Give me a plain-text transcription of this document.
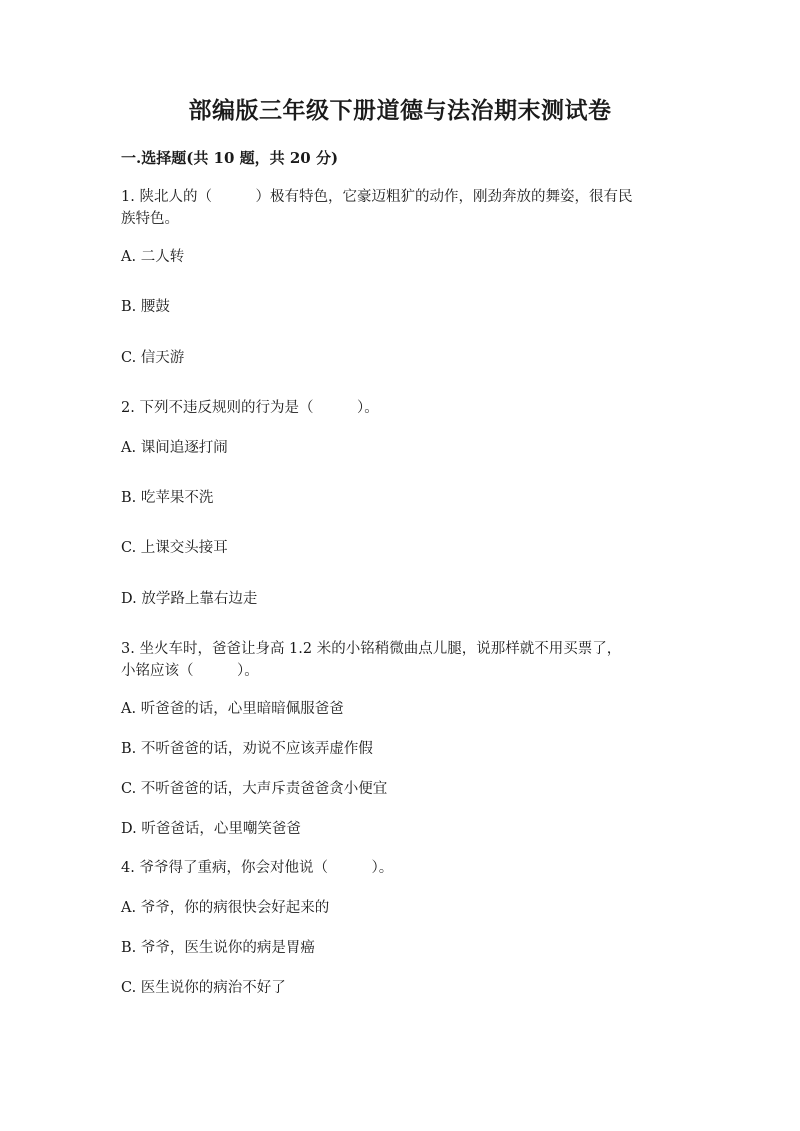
部编版三年级下册道德与法治期末测试卷
一.选择题(共 10 题，共 20 分)
1. 陕北人的（　　　）极有特色，它豪迈粗犷的动作，刚劲奔放的舞姿，很有民
族特色。
A. 二人转
B. 腰鼓
C. 信天游
2. 下列不违反规则的行为是（　　　）。
A. 课间追逐打闹
B. 吃苹果不洗
C. 上课交头接耳
D. 放学路上靠右边走
3. 坐火车时，爸爸让身高 1.2 米的小铭稍微曲点儿腿，说那样就不用买票了，
小铭应该（　　　）。
A. 听爸爸的话，心里暗暗佩服爸爸
B. 不听爸爸的话，劝说不应该弄虚作假
C. 不听爸爸的话，大声斥责爸爸贪小便宜
D. 听爸爸话，心里嘲笑爸爸
4. 爷爷得了重病，你会对他说（　　　）。
A. 爷爷，你的病很快会好起来的
B. 爷爷，医生说你的病是胃癌
C. 医生说你的病治不好了
